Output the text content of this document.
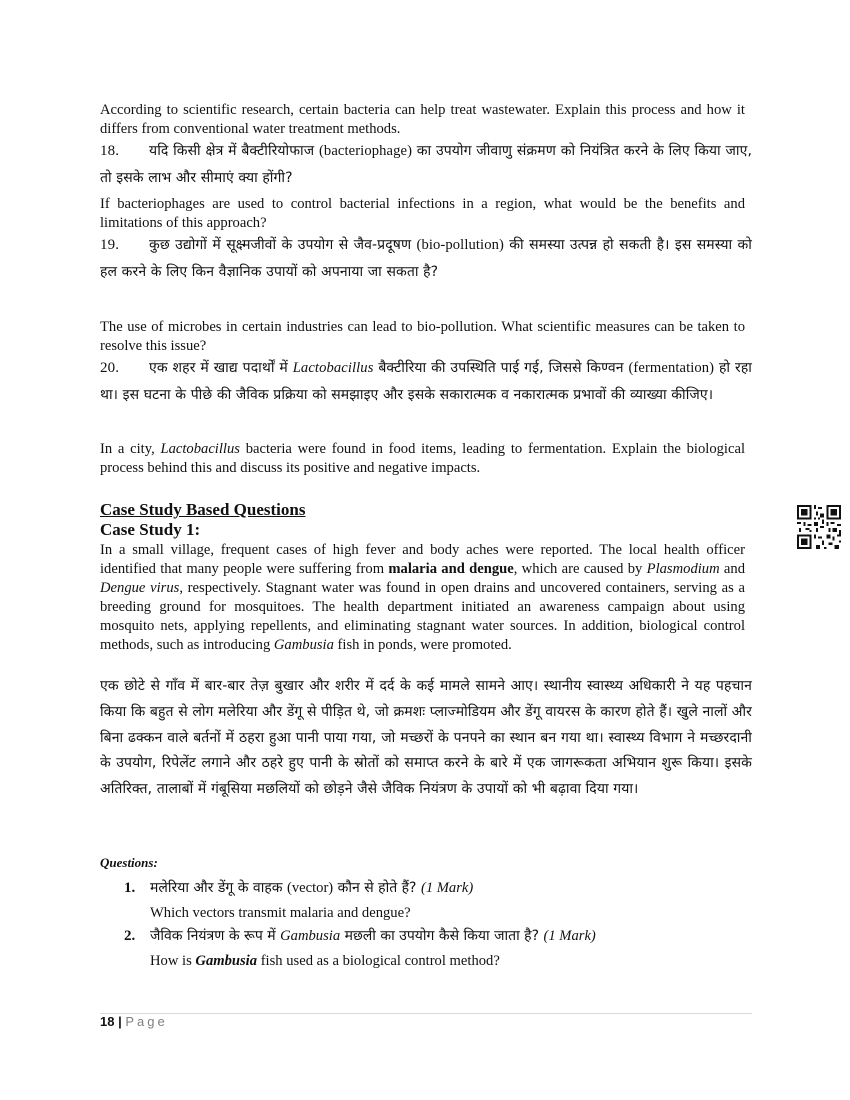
According to scientific research, certain bacteria can help treat wastewater. Explain this process and how it differs from conventional water treatment methods.
18. यदि किसी क्षेत्र में बैक्टीरियोफाज (bacteriophage) का उपयोग जीवाणु संक्रमण को नियंत्रित करने के लिए किया जाए, तो इसके लाभ और सीमाएं क्या होंगी?
If bacteriophages are used to control bacterial infections in a region, what would be the benefits and limitations of this approach?
19. कुछ उद्योगों में सूक्ष्मजीवों के उपयोग से जैव-प्रदूषण (bio-pollution) की समस्या उत्पन्न हो सकती है। इस समस्या को हल करने के लिए किन वैज्ञानिक उपायों को अपनाया जा सकता है?
The use of microbes in certain industries can lead to bio-pollution. What scientific measures can be taken to resolve this issue?
20. एक शहर में खाद्य पदार्थों में Lactobacillus बैक्टीरिया की उपस्थिति पाई गई, जिससे किण्वन (fermentation) हो रहा था। इस घटना के पीछे की जैविक प्रक्रिया को समझाइए और इसके सकारात्मक व नकारात्मक प्रभावों की व्याख्या कीजिए।
In a city, Lactobacillus bacteria were found in food items, leading to fermentation. Explain the biological process behind this and discuss its positive and negative impacts.
Case Study Based Questions
Case Study 1:
In a small village, frequent cases of high fever and body aches were reported. The local health officer identified that many people were suffering from malaria and dengue, which are caused by Plasmodium and Dengue virus, respectively. Stagnant water was found in open drains and uncovered containers, serving as a breeding ground for mosquitoes. The health department initiated an awareness campaign about using mosquito nets, applying repellents, and eliminating stagnant water sources. In addition, biological control methods, such as introducing Gambusia fish in ponds, were promoted.
एक छोटे से गाँव में बार-बार तेज़ बुखार और शरीर में दर्द के कई मामले सामने आए। स्थानीय स्वास्थ्य अधिकारी ने यह पहचान किया कि बहुत से लोग मलेरिया और डेंगू से पीड़ित थे, जो क्रमशः प्लाज्मोडियम और डेंगू वायरस के कारण होते हैं। खुले नालों और बिना ढक्कन वाले बर्तनों में ठहरा हुआ पानी पाया गया, जो मच्छरों के पनपने का स्थान बन गया था। स्वास्थ्य विभाग ने मच्छरदानी के उपयोग, रिपेलेंट लगाने और ठहरे हुए पानी के स्रोतों को समाप्त करने के बारे में एक जागरूकता अभियान शुरू किया। इसके अतिरिक्त, तालाबों में गंबूसिया मछलियों को छोड़ने जैसे जैविक नियंत्रण के उपायों को भी बढ़ावा दिया गया।
Questions:
1. मलेरिया और डेंगू के वाहक (vector) कौन से होते हैं? (1 Mark)
Which vectors transmit malaria and dengue?
2. जैविक नियंत्रण के रूप में Gambusia मछली का उपयोग कैसे किया जाता है? (1 Mark)
How is Gambusia fish used as a biological control method?
18 | Page
